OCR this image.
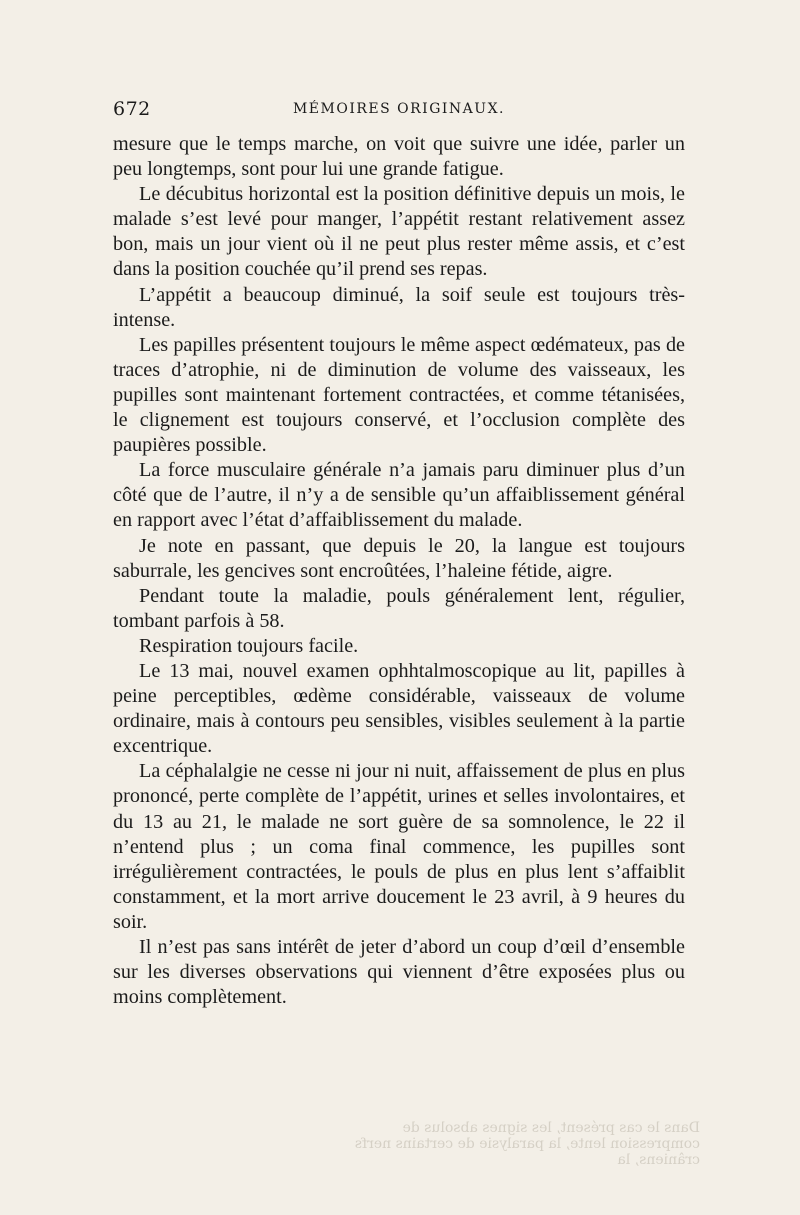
672	MÉMOIRES ORIGINAUX.

mesure que le temps marche, on voit que suivre une idée, parler un peu longtemps, sont pour lui une grande fatigue.

Le décubitus horizontal est la position définitive depuis un mois, le malade s’est levé pour manger, l’appétit restant relativement assez bon, mais un jour vient où il ne peut plus rester même assis, et c’est dans la position couchée qu’il prend ses repas.

L’appétit a beaucoup diminué, la soif seule est toujours très-intense.

Les papilles présentent toujours le même aspect œdémateux, pas de traces d’atrophie, ni de diminution de volume des vaisseaux, les pupilles sont maintenant fortement contractées, et comme tétanisées, le clignement est toujours conservé, et l’occlusion complète des paupières possible.

La force musculaire générale n’a jamais paru diminuer plus d’un côté que de l’autre, il n’y a de sensible qu’un affaiblissement général en rapport avec l’état d’affaiblissement du malade.

Je note en passant, que depuis le 20, la langue est toujours saburrale, les gencives sont encroûtées, l’haleine fétide, aigre.

Pendant toute la maladie, pouls généralement lent, régulier, tombant parfois à 58.

Respiration toujours facile.

Le 13 mai, nouvel examen ophhtalmoscopique au lit, papilles à peine perceptibles, œdème considérable, vaisseaux de volume ordinaire, mais à contours peu sensibles, visibles seulement à la partie excentrique.

La céphalalgie ne cesse ni jour ni nuit, affaissement de plus en plus prononcé, perte complète de l’appétit, urines et selles involontaires, et du 13 au 21, le malade ne sort guère de sa somnolence, le 22 il n’entend plus ; un coma final commence, les pupilles sont irrégulièrement contractées, le pouls de plus en plus lent s’affaiblit constamment, et la mort arrive doucement le 23 avril, à 9 heures du soir.

Il n’est pas sans intérêt de jeter d’abord un coup d’œil d’ensemble sur les diverses observations qui viennent d’être exposées plus ou moins complètement.

Dans le cas présent, les signes absolus de compression lente, la paralysie de certains nerfs crâniens, la
